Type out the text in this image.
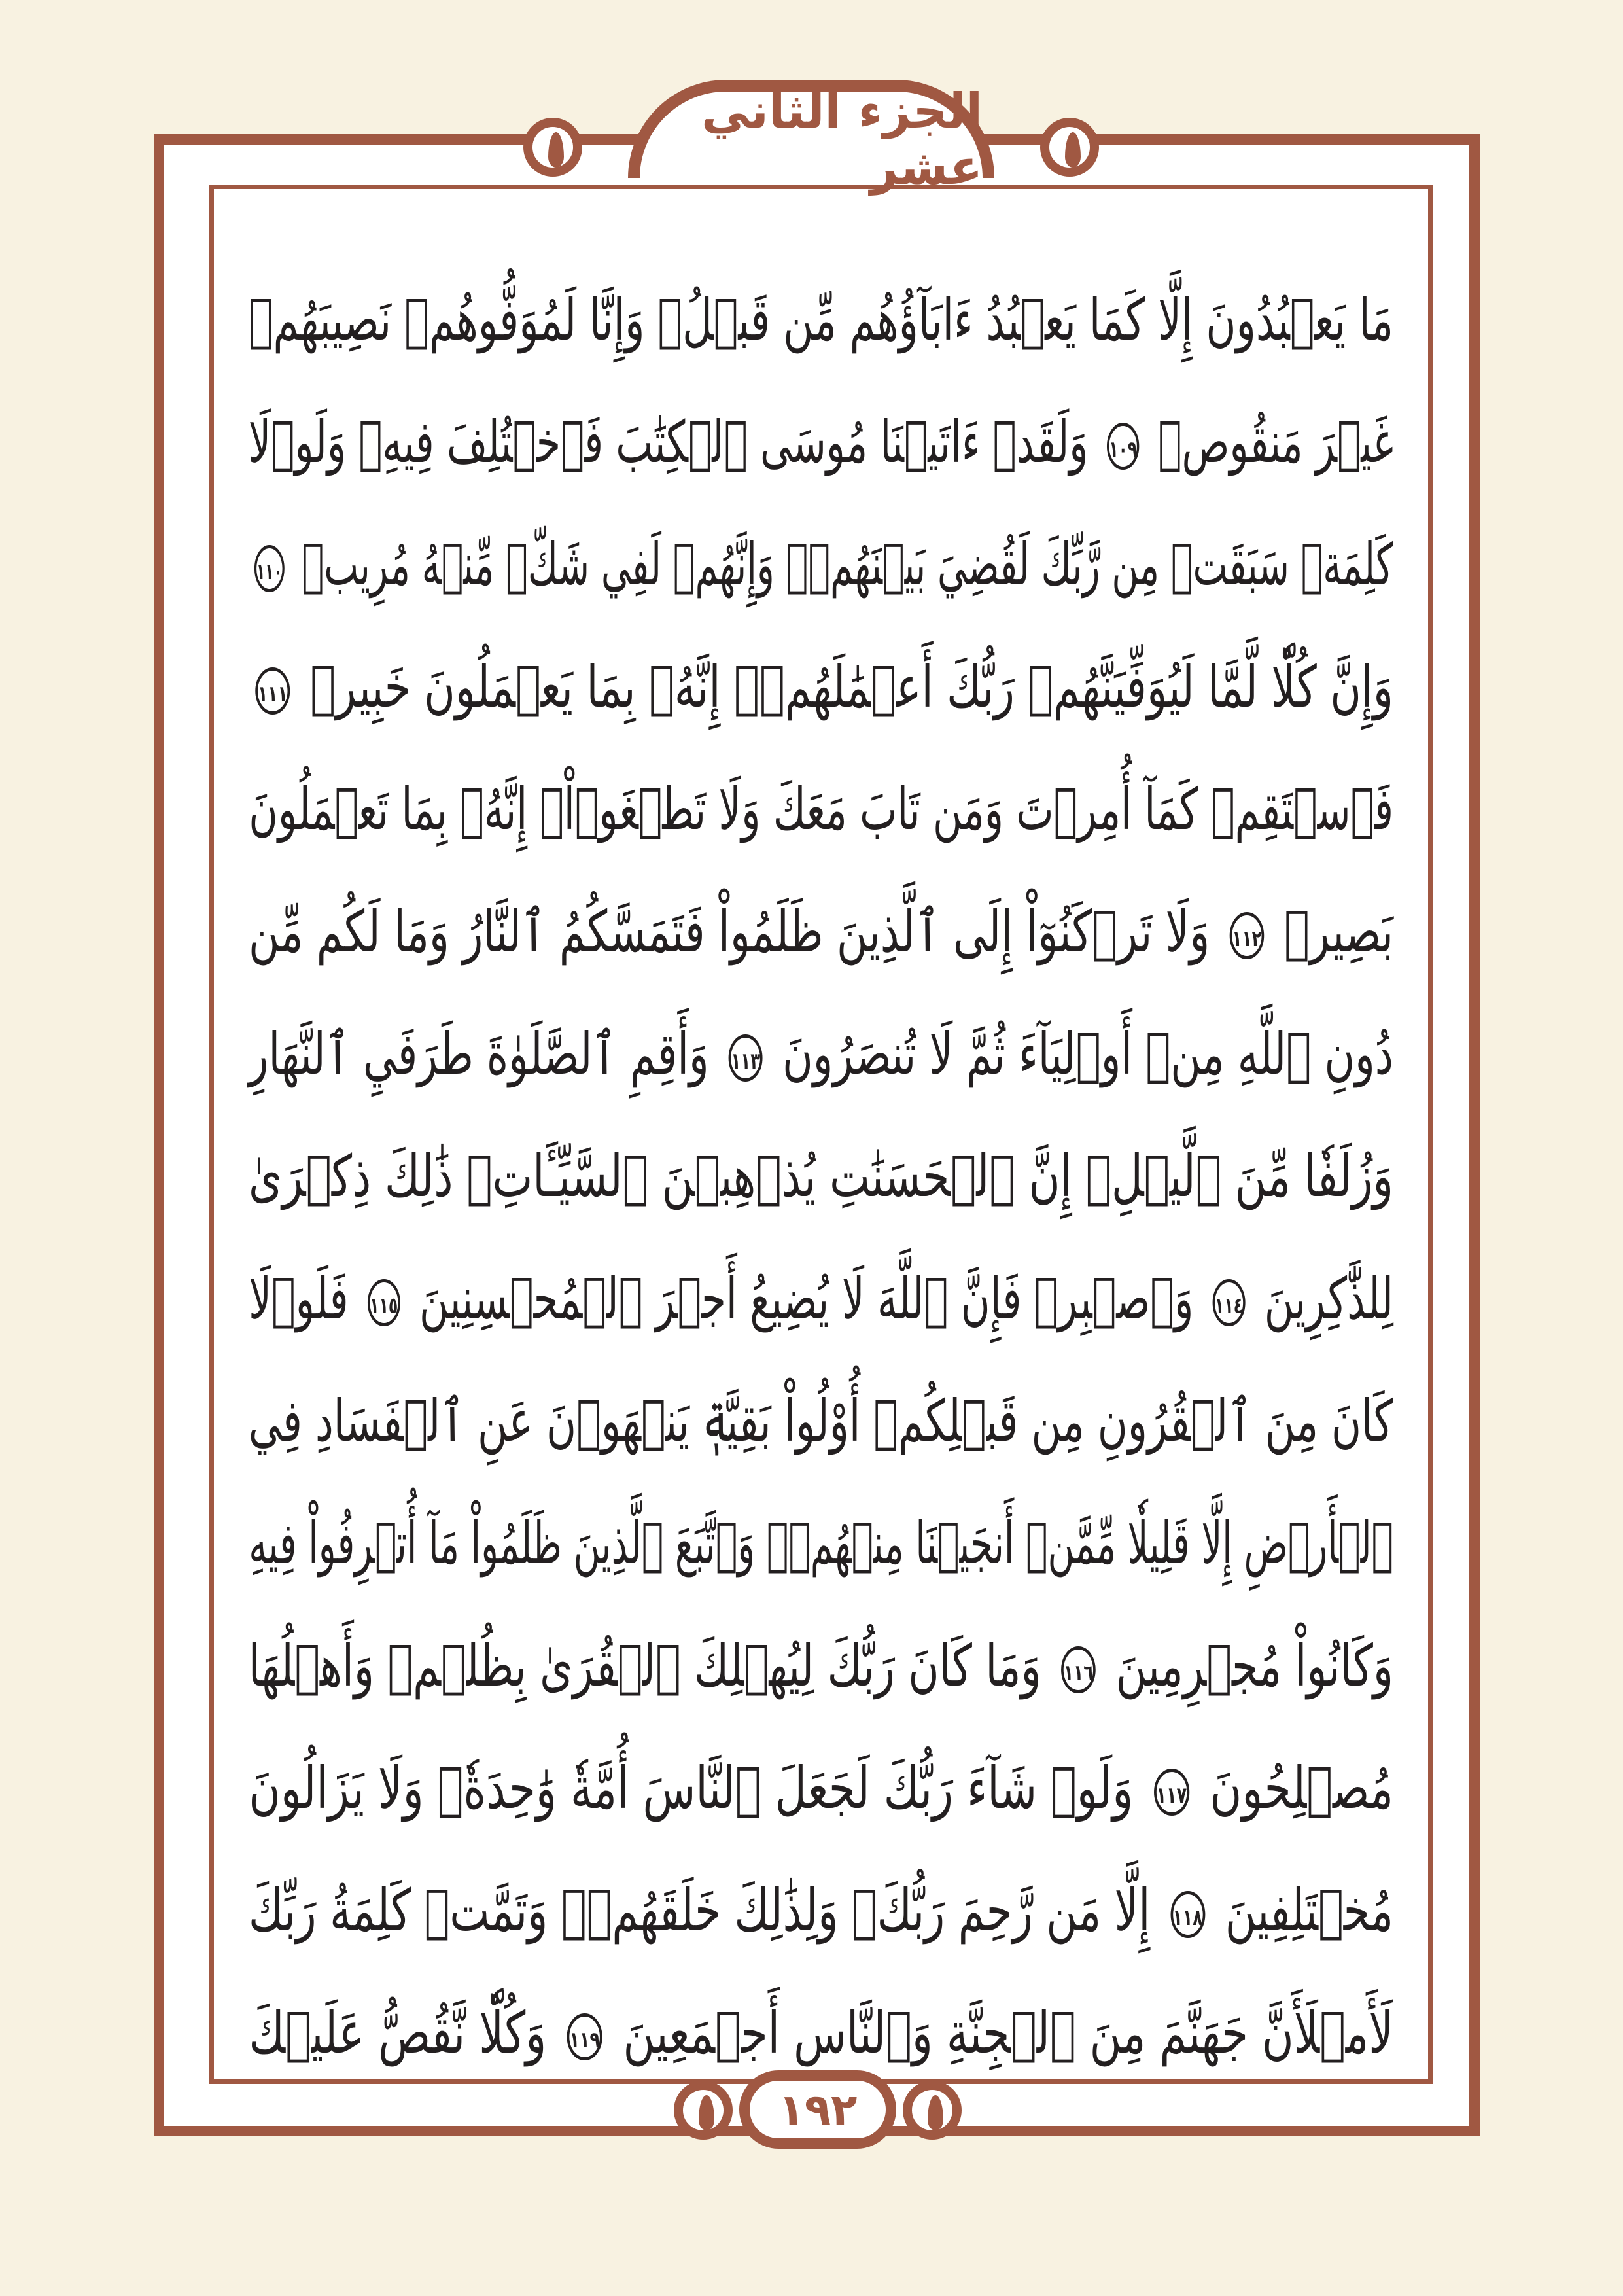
الجزء الثاني عشر
مَا يَعۡبُدُونَ إِلَّا كَمَا يَعۡبُدُ ءَابَآؤُهُم مِّن قَبۡلُۚ وَإِنَّا لَمُوَفُّوهُمۡ نَصِيبَهُمۡ
غَيۡرَ مَنقُوصٖ ١٠٩ وَلَقَدۡ ءَاتَيۡنَا مُوسَى ٱلۡكِتَٰبَ فَٱخۡتُلِفَ فِيهِۚ وَلَوۡلَا
كَلِمَةٞ سَبَقَتۡ مِن رَّبِّكَ لَقُضِيَ بَيۡنَهُمۡۚ وَإِنَّهُمۡ لَفِي شَكّٖ مِّنۡهُ مُرِيبٖ ١١٠
وَإِنَّ كُلّٗا لَّمَّا لَيُوَفِّيَنَّهُمۡ رَبُّكَ أَعۡمَٰلَهُمۡۚ إِنَّهُۥ بِمَا يَعۡمَلُونَ خَبِيرٞ ١١١
فَٱسۡتَقِمۡ كَمَآ أُمِرۡتَ وَمَن تَابَ مَعَكَ وَلَا تَطۡغَوۡاْۚ إِنَّهُۥ بِمَا تَعۡمَلُونَ
بَصِيرٞ ١١٢ وَلَا تَرۡكَنُوٓاْ إِلَى ٱلَّذِينَ ظَلَمُواْ فَتَمَسَّكُمُ ٱلنَّارُ وَمَا لَكُم مِّن
دُونِ ٱللَّهِ مِنۡ أَوۡلِيَآءَ ثُمَّ لَا تُنصَرُونَ ١١٣ وَأَقِمِ ٱلصَّلَوٰةَ طَرَفَيِ ٱلنَّهَارِ
وَزُلَفٗا مِّنَ ٱلَّيۡلِۚ إِنَّ ٱلۡحَسَنَٰتِ يُذۡهِبۡنَ ٱلسَّيِّـَٔاتِۚ ذَٰلِكَ ذِكۡرَىٰ
لِلذَّٰكِرِينَ ١١٤ وَٱصۡبِرۡ فَإِنَّ ٱللَّهَ لَا يُضِيعُ أَجۡرَ ٱلۡمُحۡسِنِينَ ١١٥ فَلَوۡلَا
كَانَ مِنَ ٱلۡقُرُونِ مِن قَبۡلِكُمۡ أُوْلُواْ بَقِيَّةٖ يَنۡهَوۡنَ عَنِ ٱلۡفَسَادِ فِي
ٱلۡأَرۡضِ إِلَّا قَلِيلٗا مِّمَّنۡ أَنجَيۡنَا مِنۡهُمۡۗ وَٱتَّبَعَ ٱلَّذِينَ ظَلَمُواْ مَآ أُتۡرِفُواْ فِيهِ
وَكَانُواْ مُجۡرِمِينَ ١١٦ وَمَا كَانَ رَبُّكَ لِيُهۡلِكَ ٱلۡقُرَىٰ بِظُلۡمٖ وَأَهۡلُهَا
مُصۡلِحُونَ ١١٧ وَلَوۡ شَآءَ رَبُّكَ لَجَعَلَ ٱلنَّاسَ أُمَّةٗ وَٰحِدَةٗۖ وَلَا يَزَالُونَ
مُخۡتَلِفِينَ ١١٨ إِلَّا مَن رَّحِمَ رَبُّكَۚ وَلِذَٰلِكَ خَلَقَهُمۡۗ وَتَمَّتۡ كَلِمَةُ رَبِّكَ
لَأَمۡلَأَنَّ جَهَنَّمَ مِنَ ٱلۡجِنَّةِ وَٱلنَّاسِ أَجۡمَعِينَ ١١٩ وَكُلّٗا نَّقُصُّ عَلَيۡكَ
١٩٢
